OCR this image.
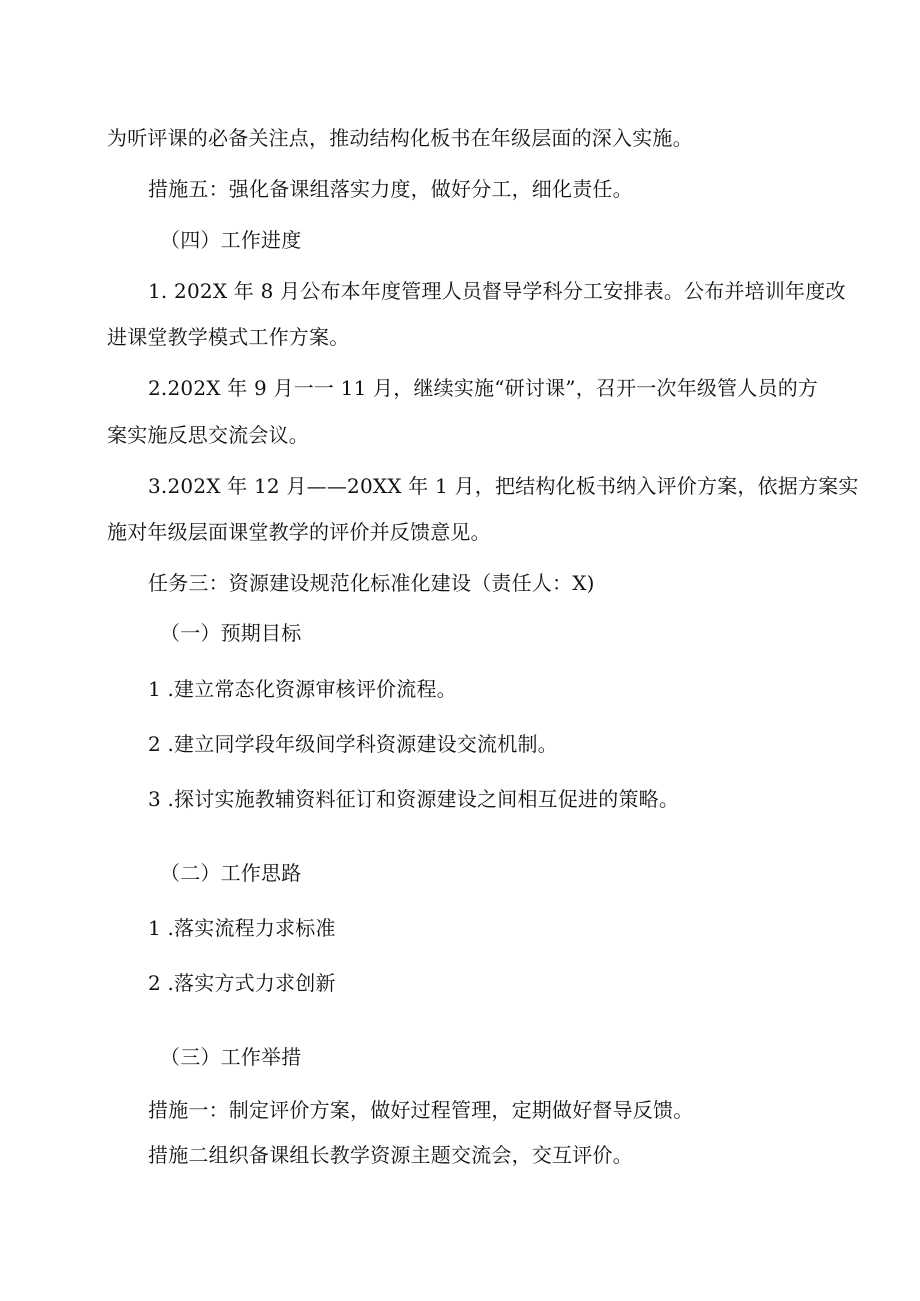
为听评课的必备关注点，推动结构化板书在年级层面的深入实施。
措施五：强化备课组落实力度，做好分工，细化责任。
（四）工作进度
1. 202X 年 8 月公布本年度管理人员督导学科分工安排表。公布并培训年度改
进课堂教学模式工作方案。
2.202X 年 9 月一一 11 月，继续实施“研讨课”，召开一次年级管人员的方
案实施反思交流会议。
3.202X 年 12 月——20XX 年 1 月，把结构化板书纳入评价方案，依据方案实
施对年级层面课堂教学的评价并反馈意见。
任务三：资源建设规范化标准化建设（责任人：X)
（一）预期目标
1 .建立常态化资源审核评价流程。
2 .建立同学段年级间学科资源建设交流机制。
3 .探讨实施教辅资料征订和资源建设之间相互促进的策略。
（二）工作思路
1 .落实流程力求标准
2 .落实方式力求创新
（三）工作举措
措施一：制定评价方案，做好过程管理，定期做好督导反馈。
措施二组织备课组长教学资源主题交流会，交互评价。
